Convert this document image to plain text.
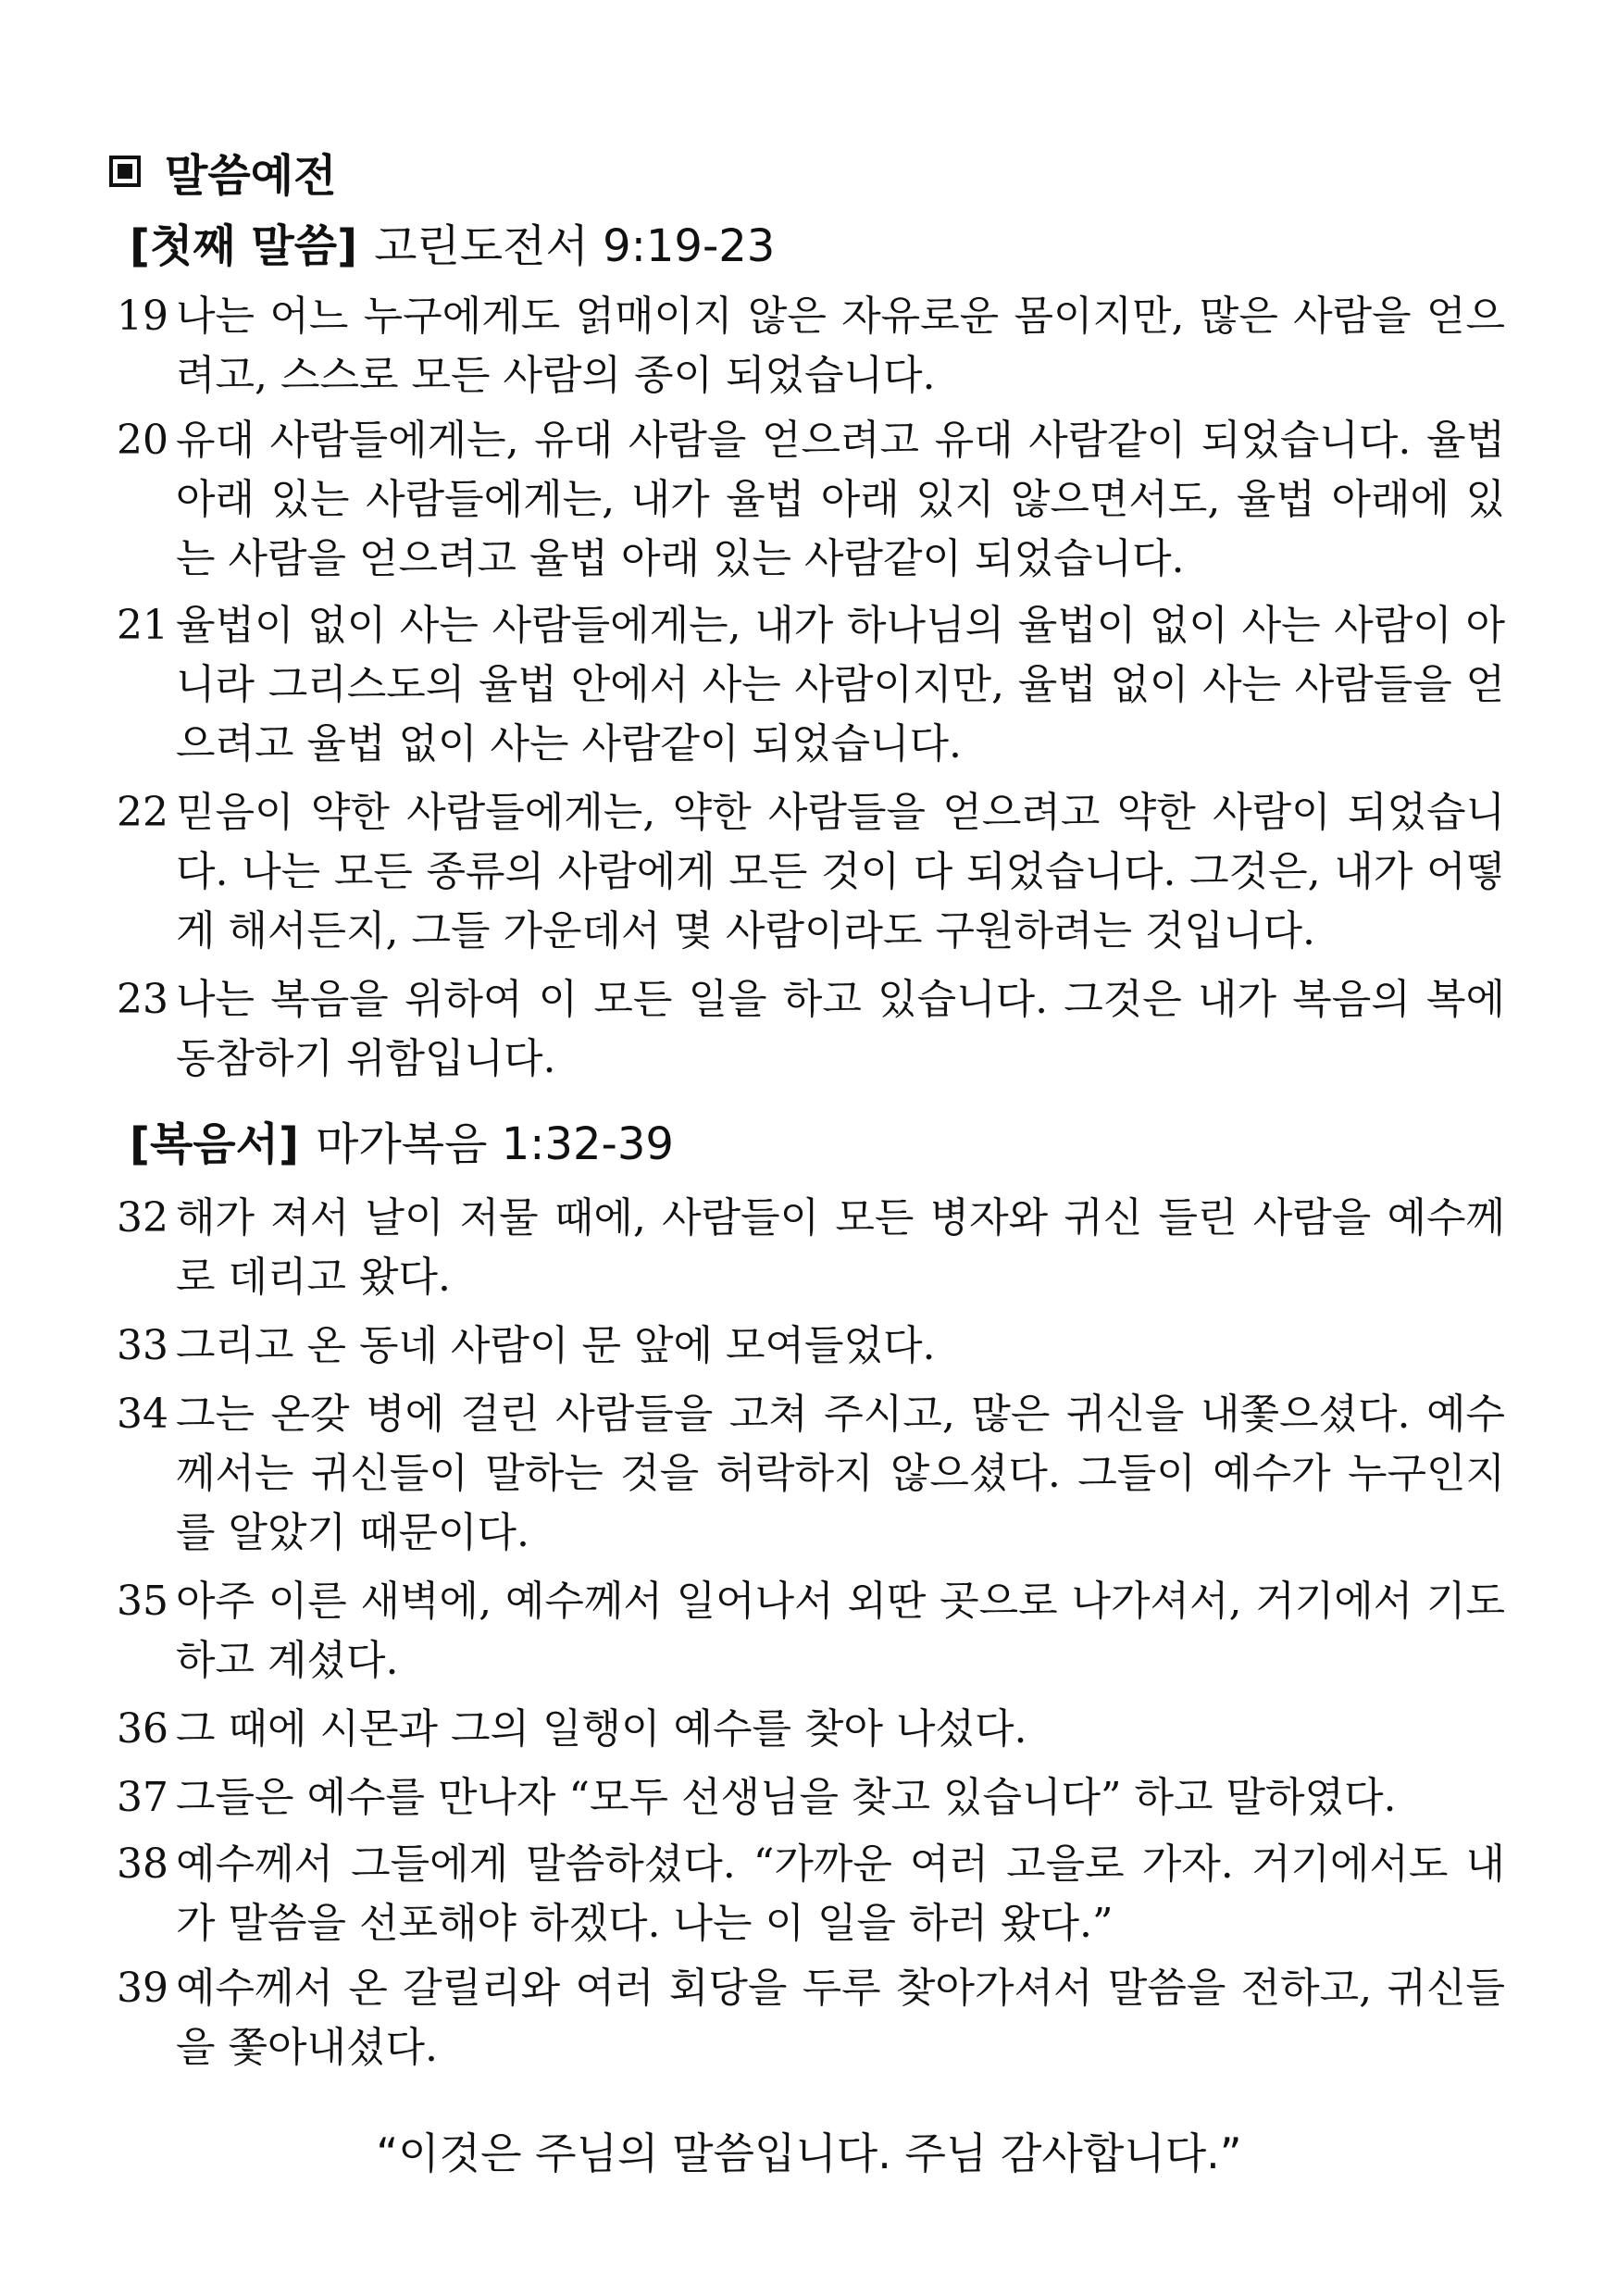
말씀예전
[첫째 말씀] 고린도전서 9:19-23
19 나는 어느 누구에게도 얽매이지 않은 자유로운 몸이지만, 많은 사람을 얻으려고, 스스로 모든 사람의 종이 되었습니다.
20 유대 사람들에게는, 유대 사람을 얻으려고 유대 사람같이 되었습니다. 율법 아래 있는 사람들에게는, 내가 율법 아래 있지 않으면서도, 율법 아래에 있는 사람을 얻으려고 율법 아래 있는 사람같이 되었습니다.
21 율법이 없이 사는 사람들에게는, 내가 하나님의 율법이 없이 사는 사람이 아니라 그리스도의 율법 안에서 사는 사람이지만, 율법 없이 사는 사람들을 얻으려고 율법 없이 사는 사람같이 되었습니다.
22 믿음이 약한 사람들에게는, 약한 사람들을 얻으려고 약한 사람이 되었습니다. 나는 모든 종류의 사람에게 모든 것이 다 되었습니다. 그것은, 내가 어떻게 해서든지, 그들 가운데서 몇 사람이라도 구원하려는 것입니다.
23 나는 복음을 위하여 이 모든 일을 하고 있습니다. 그것은 내가 복음의 복에 동참하기 위함입니다.
[복음서] 마가복음 1:32-39
32 해가 져서 날이 저물 때에, 사람들이 모든 병자와 귀신 들린 사람을 예수께로 데리고 왔다.
33 그리고 온 동네 사람이 문 앞에 모여들었다.
34 그는 온갖 병에 걸린 사람들을 고쳐 주시고, 많은 귀신을 내쫓으셨다. 예수께서는 귀신들이 말하는 것을 허락하지 않으셨다. 그들이 예수가 누구인지를 알았기 때문이다.
35 아주 이른 새벽에, 예수께서 일어나서 외딴 곳으로 나가셔서, 거기에서 기도하고 계셨다.
36 그 때에 시몬과 그의 일행이 예수를 찾아 나섰다.
37 그들은 예수를 만나자 “모두 선생님을 찾고 있습니다” 하고 말하였다.
38 예수께서 그들에게 말씀하셨다. “가까운 여러 고을로 가자. 거기에서도 내가 말씀을 선포해야 하겠다. 나는 이 일을 하러 왔다.”
39 예수께서 온 갈릴리와 여러 회당을 두루 찾아가셔서 말씀을 전하고, 귀신들을 쫓아내셨다.
“이것은 주님의 말씀입니다. 주님 감사합니다.”
